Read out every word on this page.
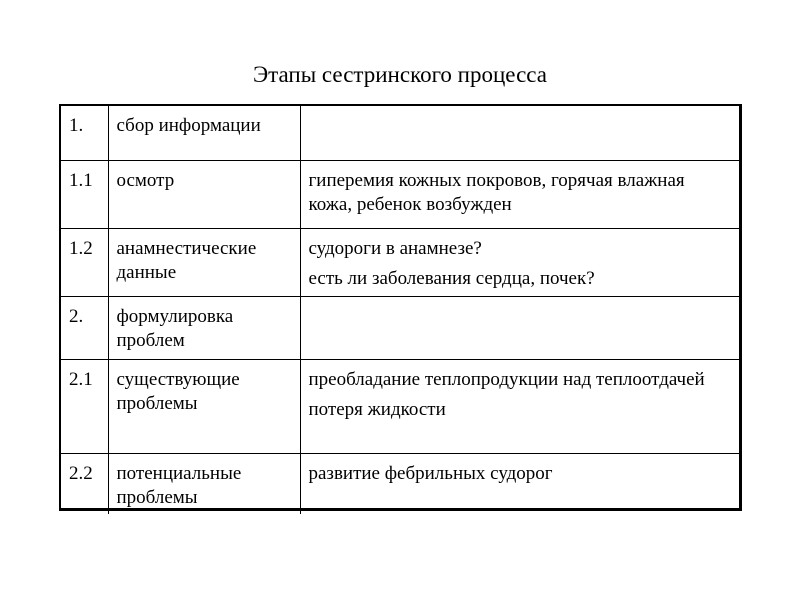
Этапы сестринского процесса
1.	сбор информации	
1.1	осмотр	гиперемия кожных покровов, горячая влажная кожа, ребенок возбужден

1.2	анамнестические данные	судороги в анамнезе?
есть ли заболевания сердца, почек?

2.	формулировка проблем	
2.1	существующие проблемы	преобладание теплопродукции над теплоотдачей
потеря жидкости

2.2	потенциальные проблемы	развитие фебрильных судорог
